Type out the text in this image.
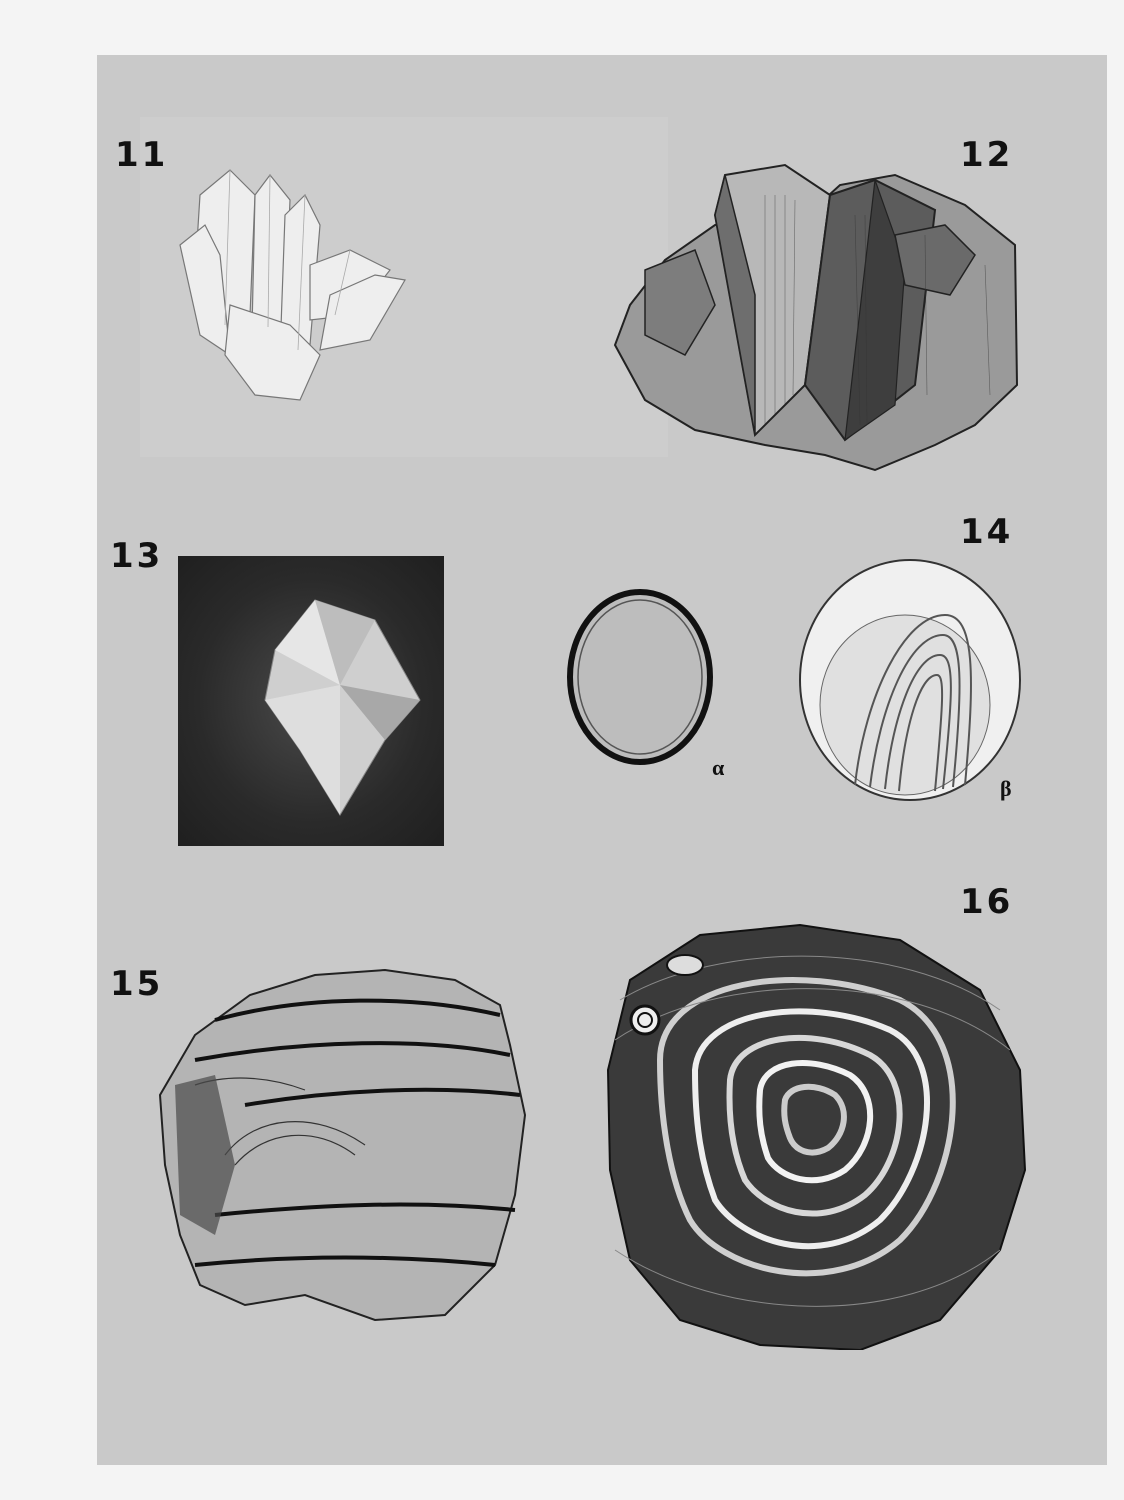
11	12
13
14
15
16
α
β
